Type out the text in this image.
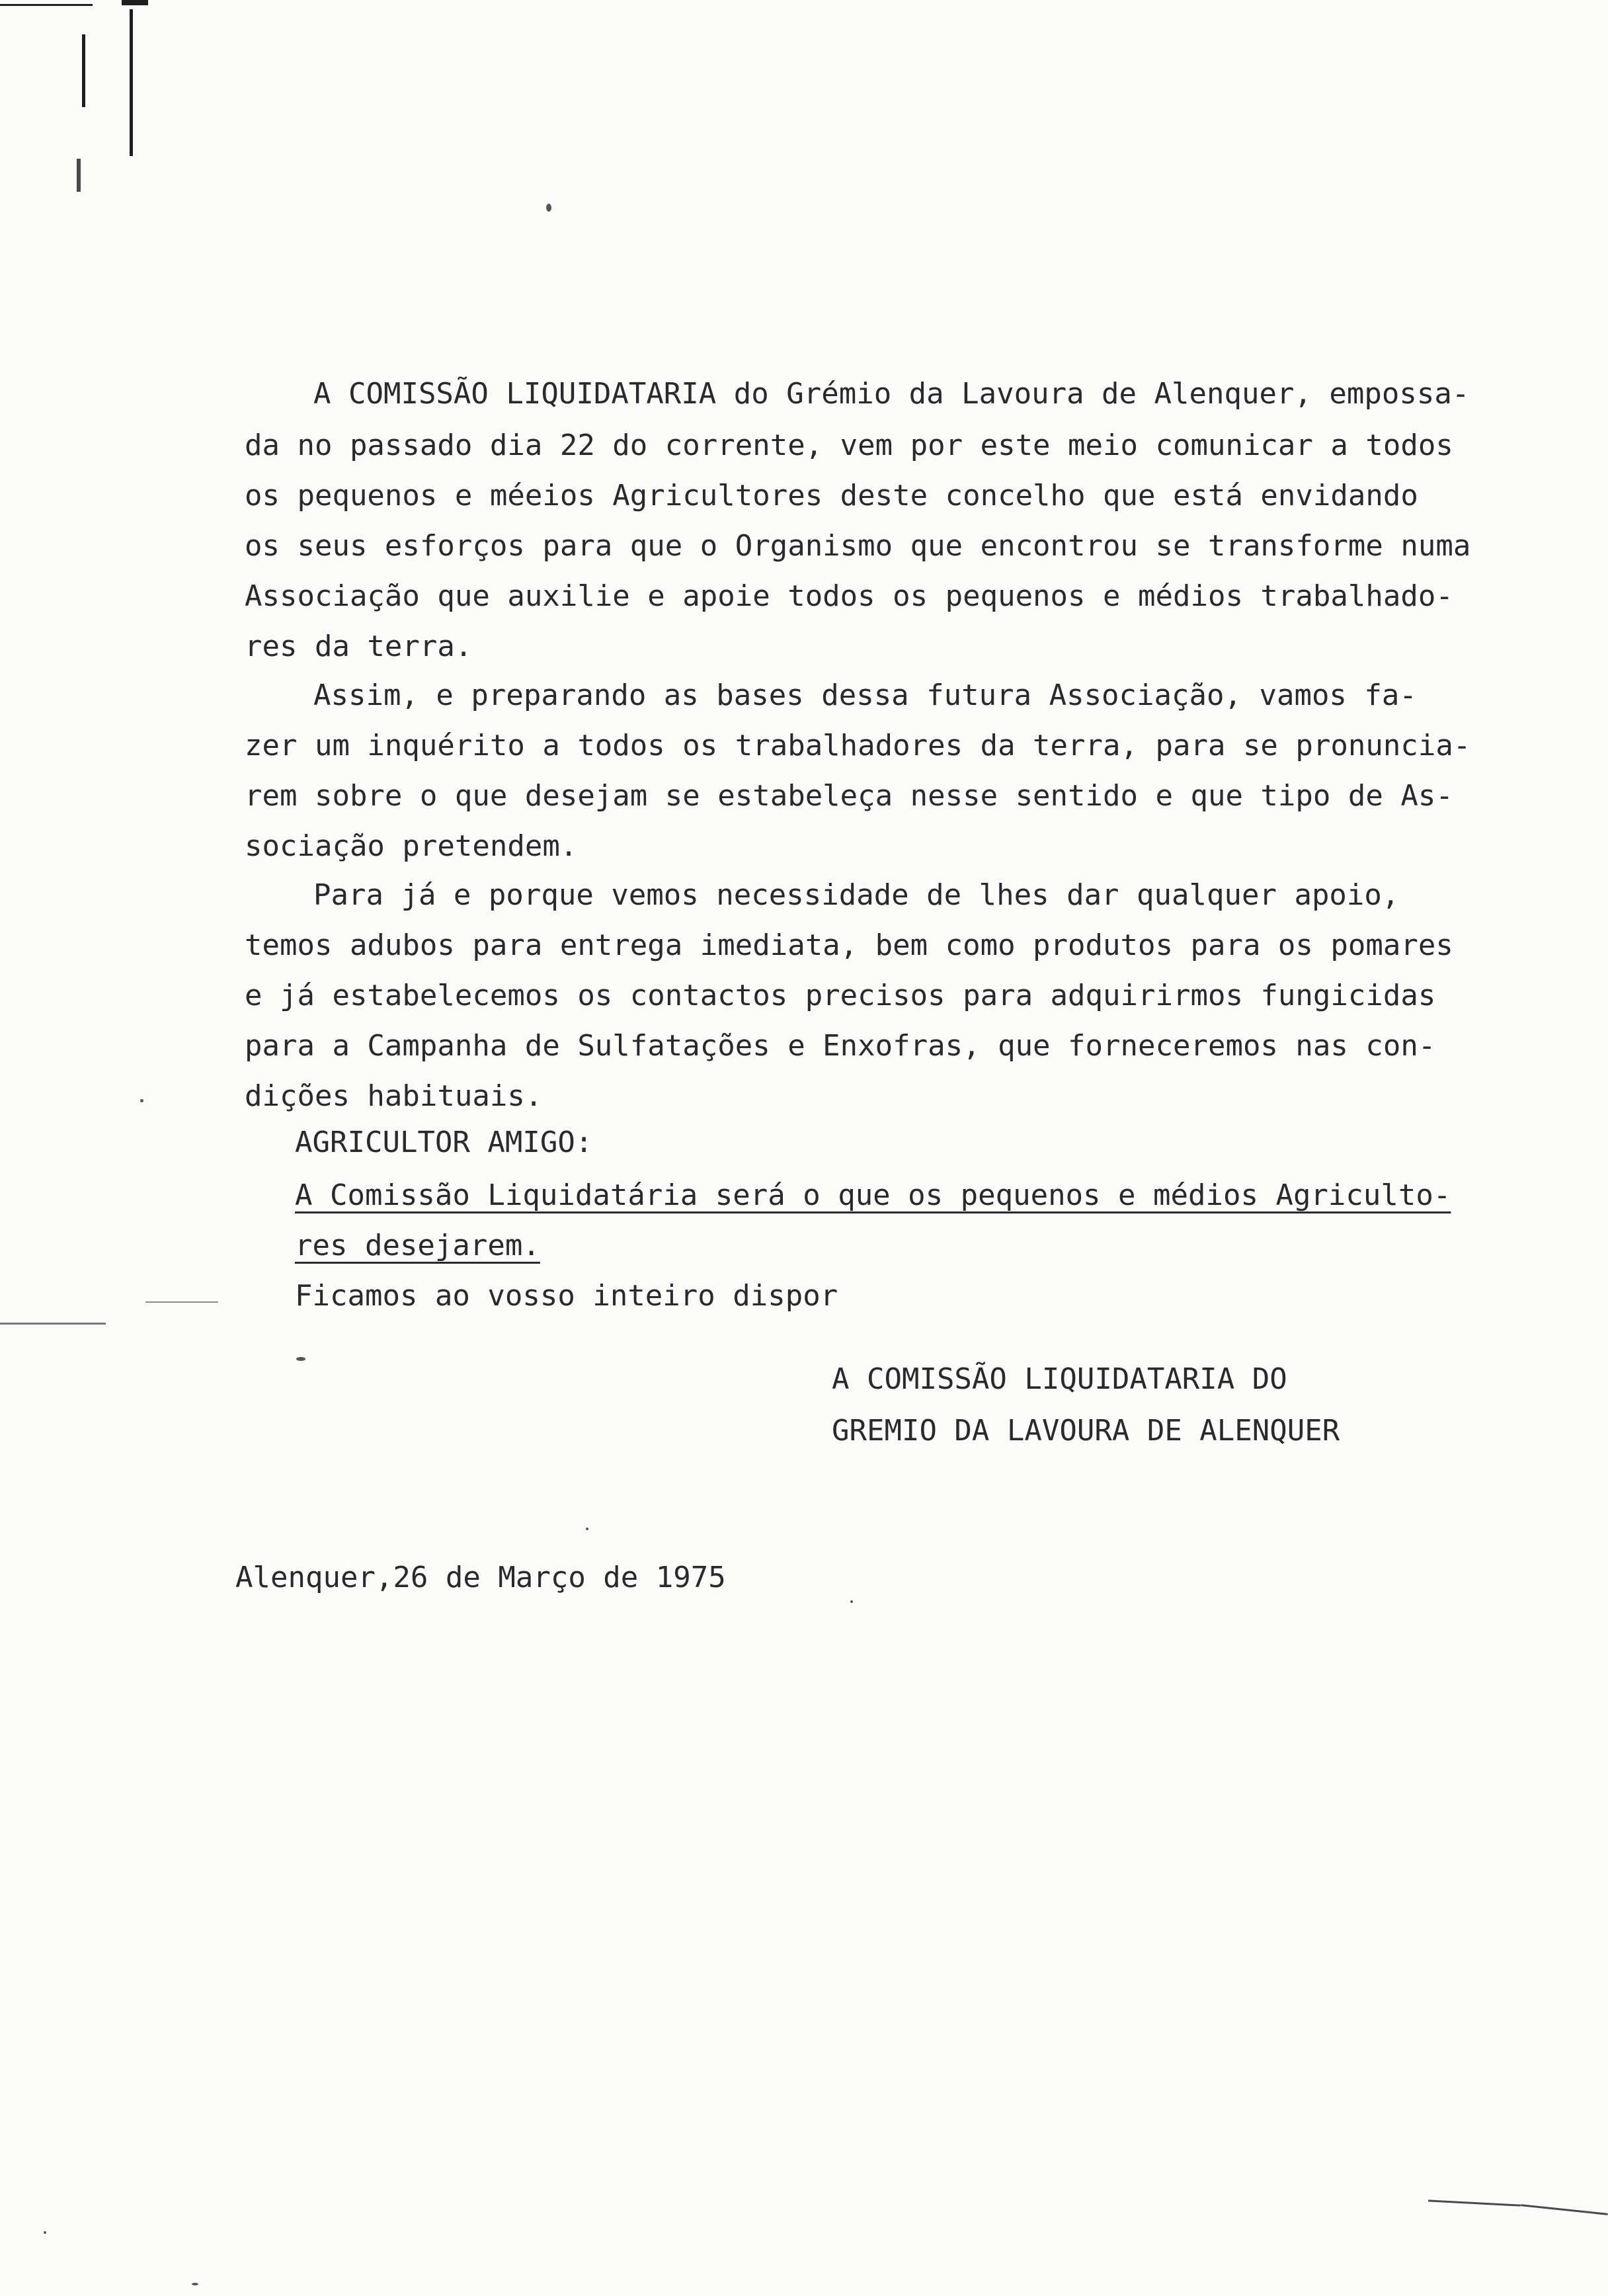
A COMISSÃO LIQUIDATARIA do Grémio da Lavoura de Alenquer, empossa-
da no passado dia 22 do corrente, vem por este meio comunicar a todos
os pequenos e méeios Agricultores deste concelho que está envidando
os seus esforços para que o Organismo que encontrou se transforme numa
Associação que auxilie e apoie todos os pequenos e médios trabalhado-
res da terra.
Assim, e preparando as bases dessa futura Associação, vamos fa-
zer um inquérito a todos os trabalhadores da terra, para se pronuncia-
rem sobre o que desejam se estabeleça nesse sentido e que tipo de As-
sociação pretendem.
Para já e porque vemos necessidade de lhes dar qualquer apoio,
temos adubos para entrega imediata, bem como produtos para os pomares
e já estabelecemos os contactos precisos para adquirirmos fungicidas
para a Campanha de Sulfatações e Enxofras, que forneceremos nas con-
dições habituais.
AGRICULTOR AMIGO:
A Comissão Liquidatária será o que os pequenos e médios Agriculto-
res desejarem.
Ficamos ao vosso inteiro dispor
A COMISSÃO LIQUIDATARIA DO
GREMIO DA LAVOURA DE ALENQUER
Alenquer,26 de Março de 1975
